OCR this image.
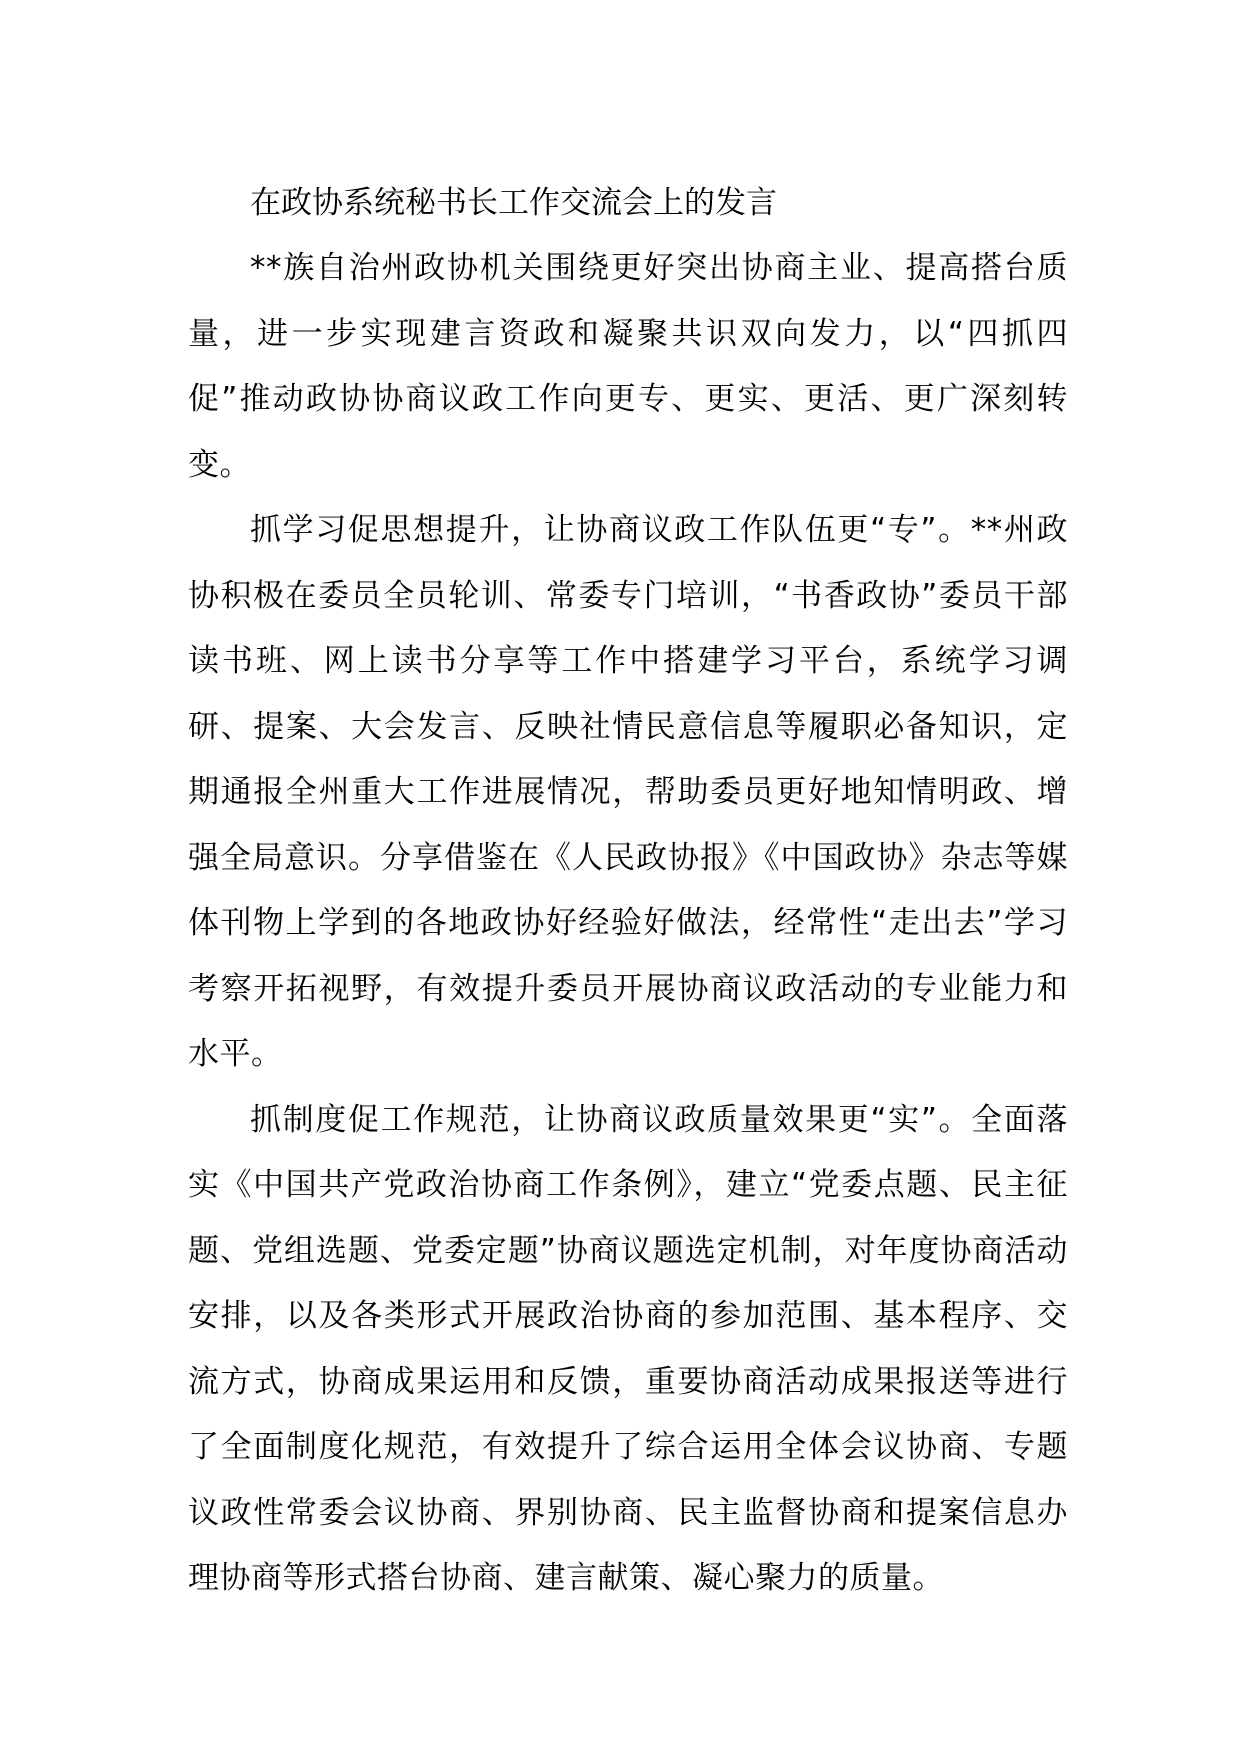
在政协系统秘书长工作交流会上的发言

**族自治州政协机关围绕更好突出协商主业、提高搭台质量，进一步实现建言资政和凝聚共识双向发力，以“四抓四促”推动政协协商议政工作向更专、更实、更活、更广深刻转变。

抓学习促思想提升，让协商议政工作队伍更“专”。**州政协积极在委员全员轮训、常委专门培训，“书香政协”委员干部读书班、网上读书分享等工作中搭建学习平台，系统学习调研、提案、大会发言、反映社情民意信息等履职必备知识，定期通报全州重大工作进展情况，帮助委员更好地知情明政、增强全局意识。分享借鉴在《人民政协报》《中国政协》杂志等媒体刊物上学到的各地政协好经验好做法，经常性“走出去”学习考察开拓视野，有效提升委员开展协商议政活动的专业能力和水平。

抓制度促工作规范，让协商议政质量效果更“实”。全面落实《中国共产党政治协商工作条例》，建立“党委点题、民主征题、党组选题、党委定题”协商议题选定机制，对年度协商活动安排，以及各类形式开展政治协商的参加范围、基本程序、交流方式，协商成果运用和反馈，重要协商活动成果报送等进行了全面制度化规范，有效提升了综合运用全体会议协商、专题议政性常委会议协商、界别协商、民主监督协商和提案信息办理协商等形式搭台协商、建言献策、凝心聚力的质量。
